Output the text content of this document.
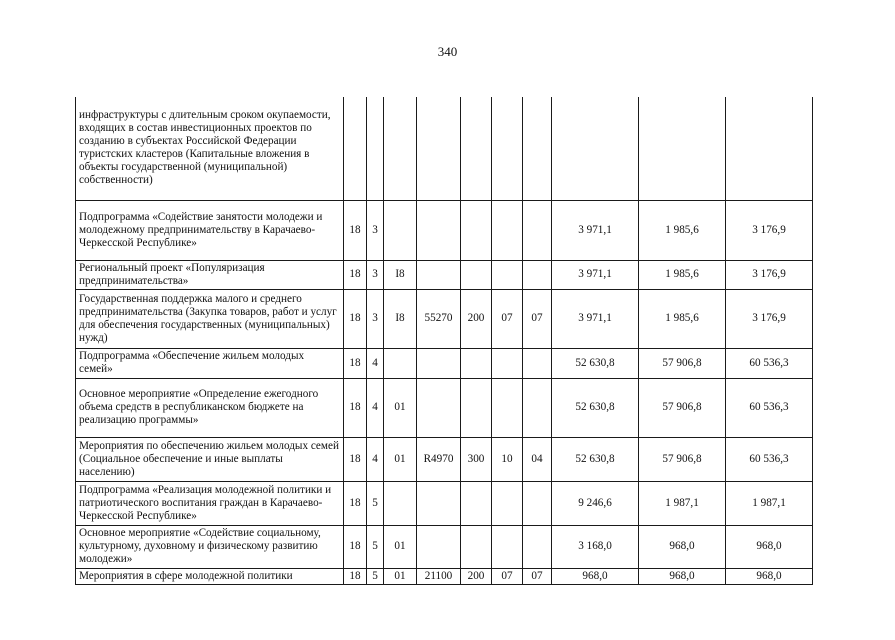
340
инфраструктуры с длительным сроком окупаемости, входящих в состав инвестиционных проектов по созданию в субъектах Российской Федерации туристских кластеров (Капитальные вложения в объекты государственной (муниципальной) собственности)										
Подпрограмма «Содействие занятости молодежи и молодежному предпринимательству в Карачаево-Черкесской Республике»	18	3						3 971,1	1 985,6	3 176,9
Региональный проект «Популяризация предпринимательства»	18	3	I8					3 971,1	1 985,6	3 176,9
Государственная поддержка малого и среднего предпринимательства (Закупка товаров, работ и услуг для обеспечения государственных (муниципальных) нужд)	18	3	I8	55270	200	07	07	3 971,1	1 985,6	3 176,9
Подпрограмма «Обеспечение жильем молодых семей»	18	4						52 630,8	57 906,8	60 536,3
Основное мероприятие «Определение ежегодного объема средств в республиканском бюджете на реализацию программы»	18	4	01					52 630,8	57 906,8	60 536,3
Мероприятия по обеспечению жильем молодых семей (Социальное обеспечение и иные выплаты населению)	18	4	01	R4970	300	10	04	52 630,8	57 906,8	60 536,3
Подпрограмма «Реализация молодежной политики и патриотического воспитания граждан в Карачаево-Черкесской Республике»	18	5						9 246,6	1 987,1	1 987,1
Основное мероприятие «Содействие социальному, культурному, духовному и физическому развитию молодежи»	18	5	01					3 168,0	968,0	968,0
Мероприятия в сфере молодежной политики	18	5	01	21100	200	07	07	968,0	968,0	968,0
